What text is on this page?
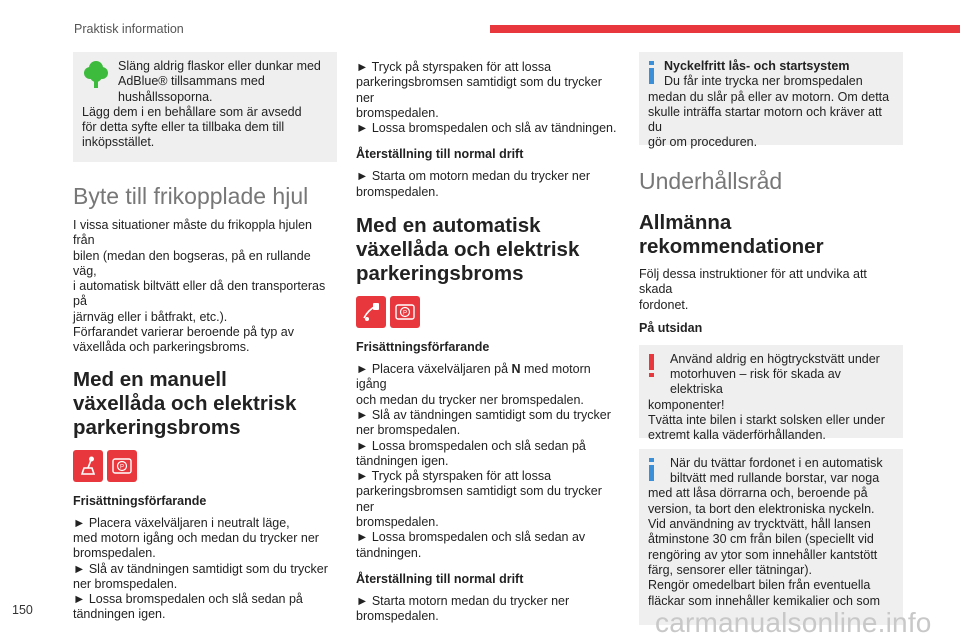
Praktisk information
Släng aldrig flaskor eller dunkar med
AdBlue® tillsammans med
hushållssoporna.
Lägg dem i en behållare som är avsedd
för detta syfte eller ta tillbaka dem till
inköpsstället.
Byte till frikopplade hjul

I vissa situationer måste du frikoppla hjulen från

bilen (medan den bogseras, på en rullande väg,

i automatisk biltvätt eller då den transporteras på

järnväg eller i båtfrakt, etc.).

Förfarandet varierar beroende på typ av

växellåda och parkeringsbroms.

Med en manuell
växellåda och elektrisk
parkeringsbroms
P
Frisättningsförfarande

► Placera växelväljaren i neutralt läge,

med motorn igång och medan du trycker ner

bromspedalen.

► Slå av tändningen samtidigt som du trycker

ner bromspedalen.

► Lossa bromspedalen och slå sedan på

tändningen igen.

► Tryck på styrspaken för att lossa

parkeringsbromsen samtidigt som du trycker ner

bromspedalen.

► Lossa bromspedalen och slå av tändningen.

Återställning till normal drift

► Starta om motorn medan du trycker ner

bromspedalen.

Med en automatisk
växellåda och elektrisk
parkeringsbroms
P
Frisättningsförfarande

► Placera växelväljaren på N med motorn igång

och medan du trycker ner bromspedalen.

► Slå av tändningen samtidigt som du trycker

ner bromspedalen.

► Lossa bromspedalen och slå sedan på

tändningen igen.

► Tryck på styrspaken för att lossa

parkeringsbromsen samtidigt som du trycker ner

bromspedalen.

► Lossa bromspedalen och slå sedan av

tändningen.

Återställning till normal drift

► Starta motorn medan du trycker ner

bromspedalen.

Nyckelfritt lås- och startsystem
Du får inte trycka ner bromspedalen
medan du slår på eller av motorn. Om detta
skulle inträffa startar motorn och kräver att du
gör om proceduren.
Underhållsråd
Allmänna
rekommendationer

Följ dessa instruktioner för att undvika att skada

fordonet.

På utsidan
Använd aldrig en högtryckstvätt under
motorhuven – risk för skada av elektriska
komponenter!
Tvätta inte bilen i starkt solsken eller under
extremt kalla väderförhållanden.
När du tvättar fordonet i en automatisk
biltvätt med rullande borstar, var noga
med att låsa dörrarna och, beroende på
version, ta bort den elektroniska nyckeln.
Vid användning av trycktvätt, håll lansen
åtminstone 30 cm från bilen (speciellt vid
rengöring av ytor som innehåller kantstött
färg, sensorer eller tätningar).
Rengör omedelbart bilen från eventuella
fläckar som innehåller kemikalier och som
150	carmanualsonline.info
